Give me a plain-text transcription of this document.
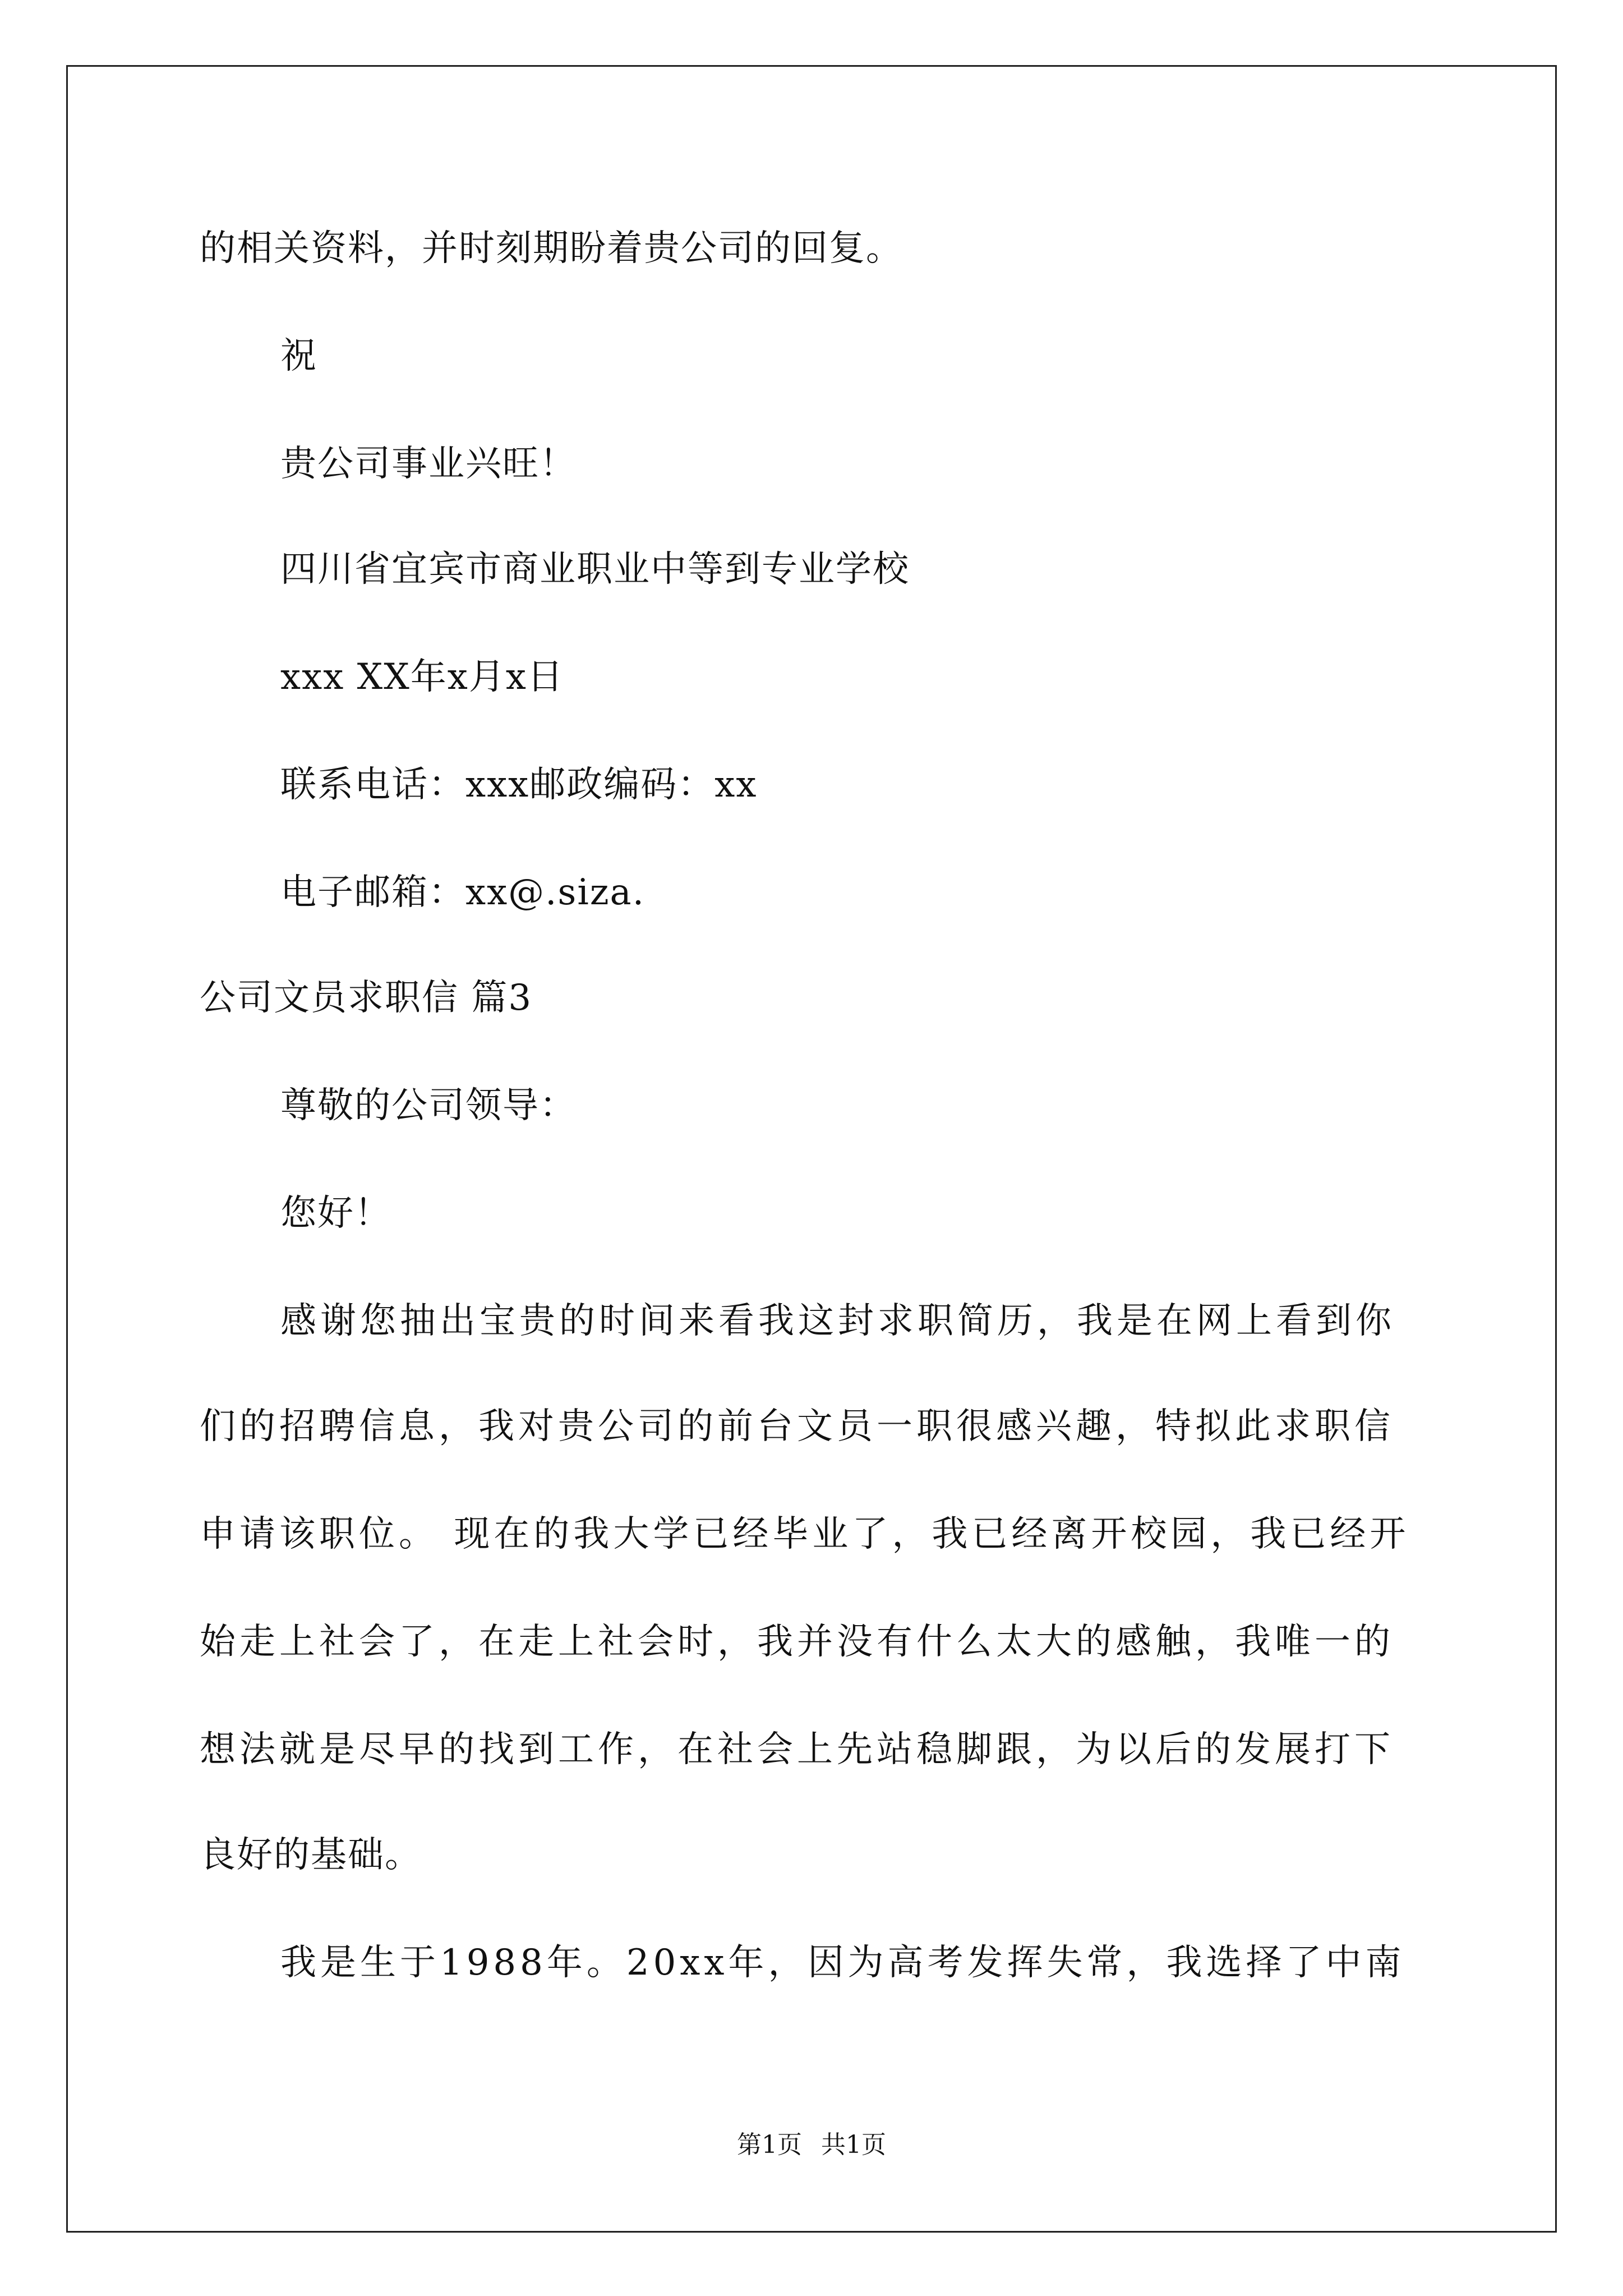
的相关资料，并时刻期盼着贵公司的回复。
祝
贵公司事业兴旺！
四川省宜宾市商业职业中等到专业学校
xxx XX年x月x日
联系电话：xxx邮政编码：xx
电子邮箱：xx@.siza.
公司文员求职信 篇3
尊敬的公司领导：
您好！
感谢您抽出宝贵的时间来看我这封求职简历，我是在网上看到你
们的招聘信息，我对贵公司的前台文员一职很感兴趣，特拟此求职信
申请该职位。 现在的我大学已经毕业了，我已经离开校园，我已经开
始走上社会了，在走上社会时，我并没有什么太大的感触，我唯一的
想法就是尽早的找到工作，在社会上先站稳脚跟，为以后的发展打下
良好的基础。
我是生于1988年。20xx年，因为高考发挥失常，我选择了中南
第1页 共1页
